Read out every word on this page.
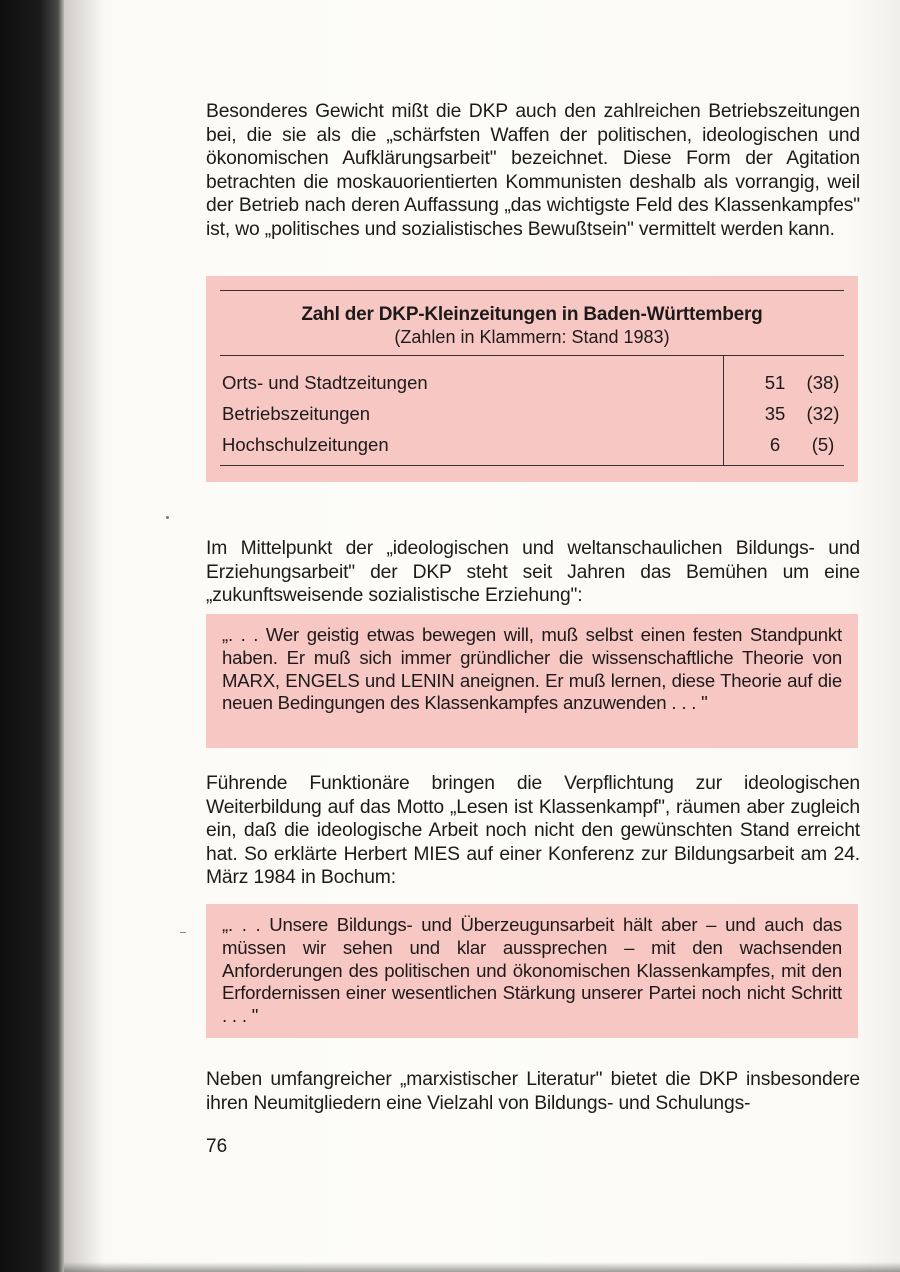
Besonderes Gewicht mißt die DKP auch den zahlreichen Betriebszeitungen bei, die sie als die „schärfsten Waffen der politischen, ideologischen und ökonomischen Aufklärungsarbeit" bezeichnet. Diese Form der Agitation betrachten die moskauorientierten Kommunisten deshalb als vorrangig, weil der Betrieb nach deren Auffassung „das wichtigste Feld des Klassenkampfes" ist, wo „politisches und sozialistisches Bewußtsein" vermittelt werden kann.

Zahl der DKP-Kleinzeitungen in Baden-Württemberg
(Zahlen in Klammern: Stand 1983)
Orts- und Stadtzeitungen	51	(38)
Betriebszeitungen	35	(32)
Hochschulzeitungen	6	(5)

Im Mittelpunkt der „ideologischen und weltanschaulichen Bildungs- und Erziehungsarbeit" der DKP steht seit Jahren das Bemühen um eine „zukunftsweisende sozialistische Erziehung":

„. . . Wer geistig etwas bewegen will, muß selbst einen festen Standpunkt haben. Er muß sich immer gründlicher die wissenschaftliche Theorie von MARX, ENGELS und LENIN aneignen. Er muß lernen, diese Theorie auf die neuen Bedingungen des Klassenkampfes anzuwenden . . . "

Führende Funktionäre bringen die Verpflichtung zur ideologischen Weiterbildung auf das Motto „Lesen ist Klassenkampf", räumen aber zugleich ein, daß die ideologische Arbeit noch nicht den gewünschten Stand erreicht hat. So erklärte Herbert MIES auf einer Konferenz zur Bildungsarbeit am 24. März 1984 in Bochum:

„. . . Unsere Bildungs- und Überzeugunsarbeit hält aber – und auch das müssen wir sehen und klar aussprechen – mit den wachsenden Anforderungen des politischen und ökonomischen Klassenkampfes, mit den Erfordernissen einer wesentlichen Stärkung unserer Partei noch nicht Schritt . . . "

Neben umfangreicher „marxistischer Literatur" bietet die DKP insbesondere ihren Neumitgliedern eine Vielzahl von Bildungs- und Schulungs-

76
